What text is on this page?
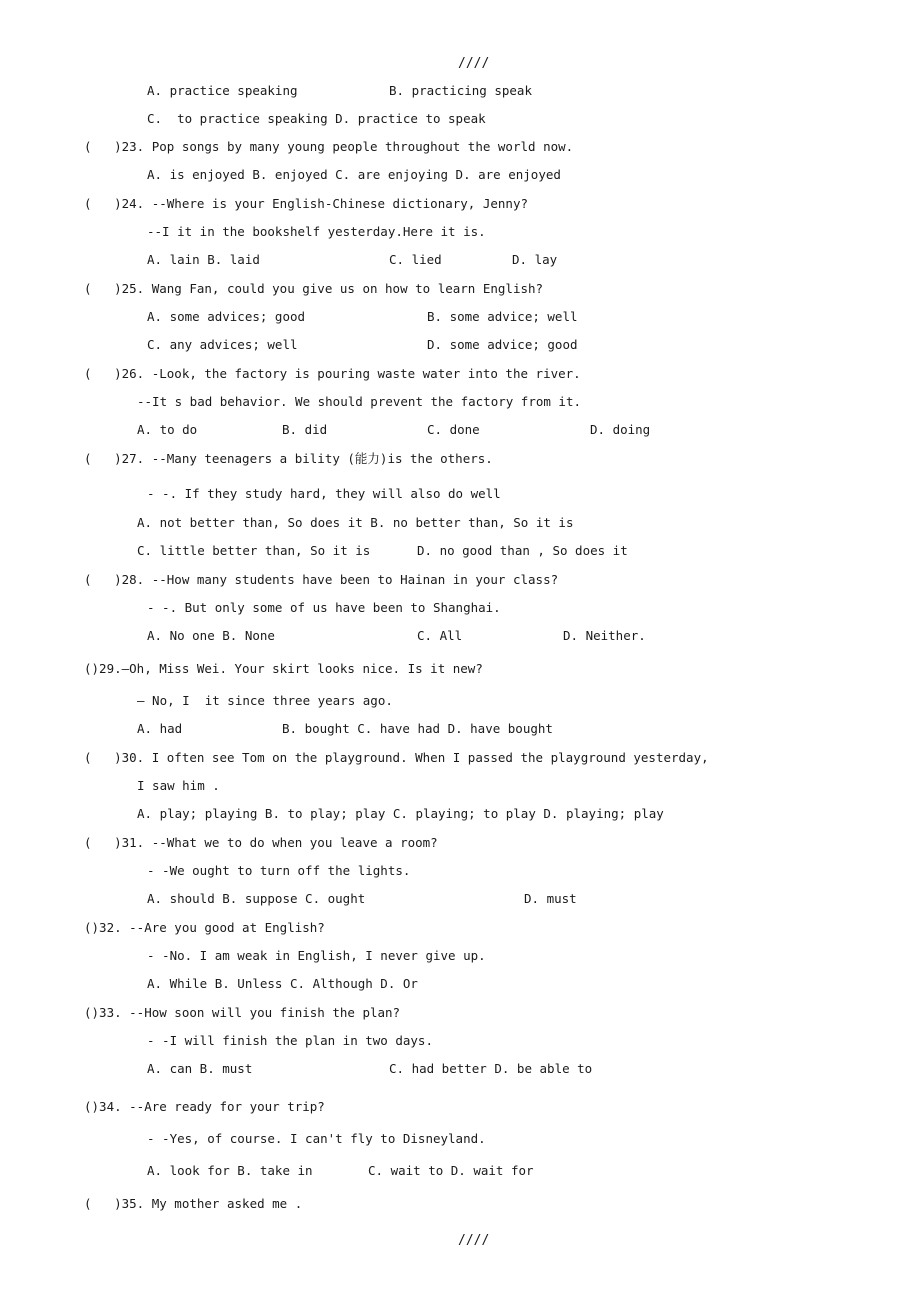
////
A. practice speaking	B. practicing speak
C.  to practice speaking D. practice to speak
(   )23. Pop songs by many young people throughout the world now.
A. is enjoyed B. enjoyed C. are enjoying D. are enjoyed
(   )24. --Where is your English-Chinese dictionary, Jenny?
--I it in the bookshelf yesterday.Here it is.
A. lain B. laid	C. lied	D. lay
(   )25. Wang Fan, could you give us on how to learn English?
A. some advices; good	B. some advice; well
C. any advices; well	D. some advice; good
(   )26. -Look, the factory is pouring waste water into the river.
--It s bad behavior. We should prevent the factory from it.
A. to do	B. did	C. done	D. doing
(   )27. --Many teenagers a bility (能力)is the others.
- -. If they study hard, they will also do well
A. not better than, So does it B. no better than, So it is
C. little better than, So it is	D. no good than , So does it
(   )28. --How many students have been to Hainan in your class?
- -. But only some of us have been to Shanghai.
A. No one B. None	C. All	D. Neither.
()29.—Oh, Miss Wei. Your skirt looks nice. Is it new?
— No, I  it since three years ago.
A. had	B. bought C. have had D. have bought
(   )30. I often see Tom on the playground. When I passed the playground yesterday,
I saw him .
A. play; playing B. to play; play C. playing; to play D. playing; play
(   )31. --What we to do when you leave a room?
- -We ought to turn off the lights.
A. should B. suppose C. ought	D. must
()32. --Are you good at English?
- -No. I am weak in English, I never give up.
A. While B. Unless C. Although D. Or
()33. --How soon will you finish the plan?
- -I will finish the plan in two days.
A. can B. must	C. had better D. be able to
()34. --Are ready for your trip?
- -Yes, of course. I can't fly to Disneyland.
A. look for B. take in	C. wait to D. wait for
(   )35. My mother asked me .
////
